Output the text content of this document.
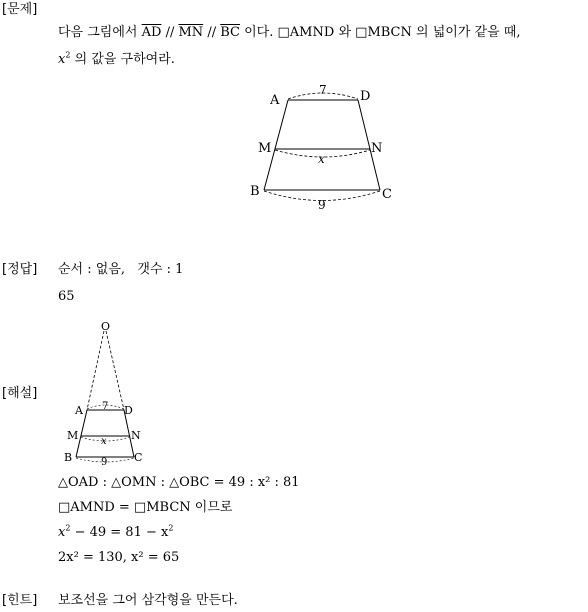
[문제]
다음 그림에서 $\overline{AD} // \overline{MN} // \overline{BC}$ 이다. □AMND 와 □MBCN 의 넓이가 같을 때,
$x^2$ 의 값을 구하여라.
A	D
M	N
B	C
7
x
9
[정답] 순서 : 없음, 갯수 : 1
65
[해설]
O
A	D
M	N
B	C
7
x
9
△OAD : △OMN : △OBC = 49 : x² : 81
□AMND = □MBCN 이므로
$x^2 - 49 = 81 - x^2$
2x² = 130, x² = 65
[힌트] 보조선을 그어 삼각형을 만든다.
